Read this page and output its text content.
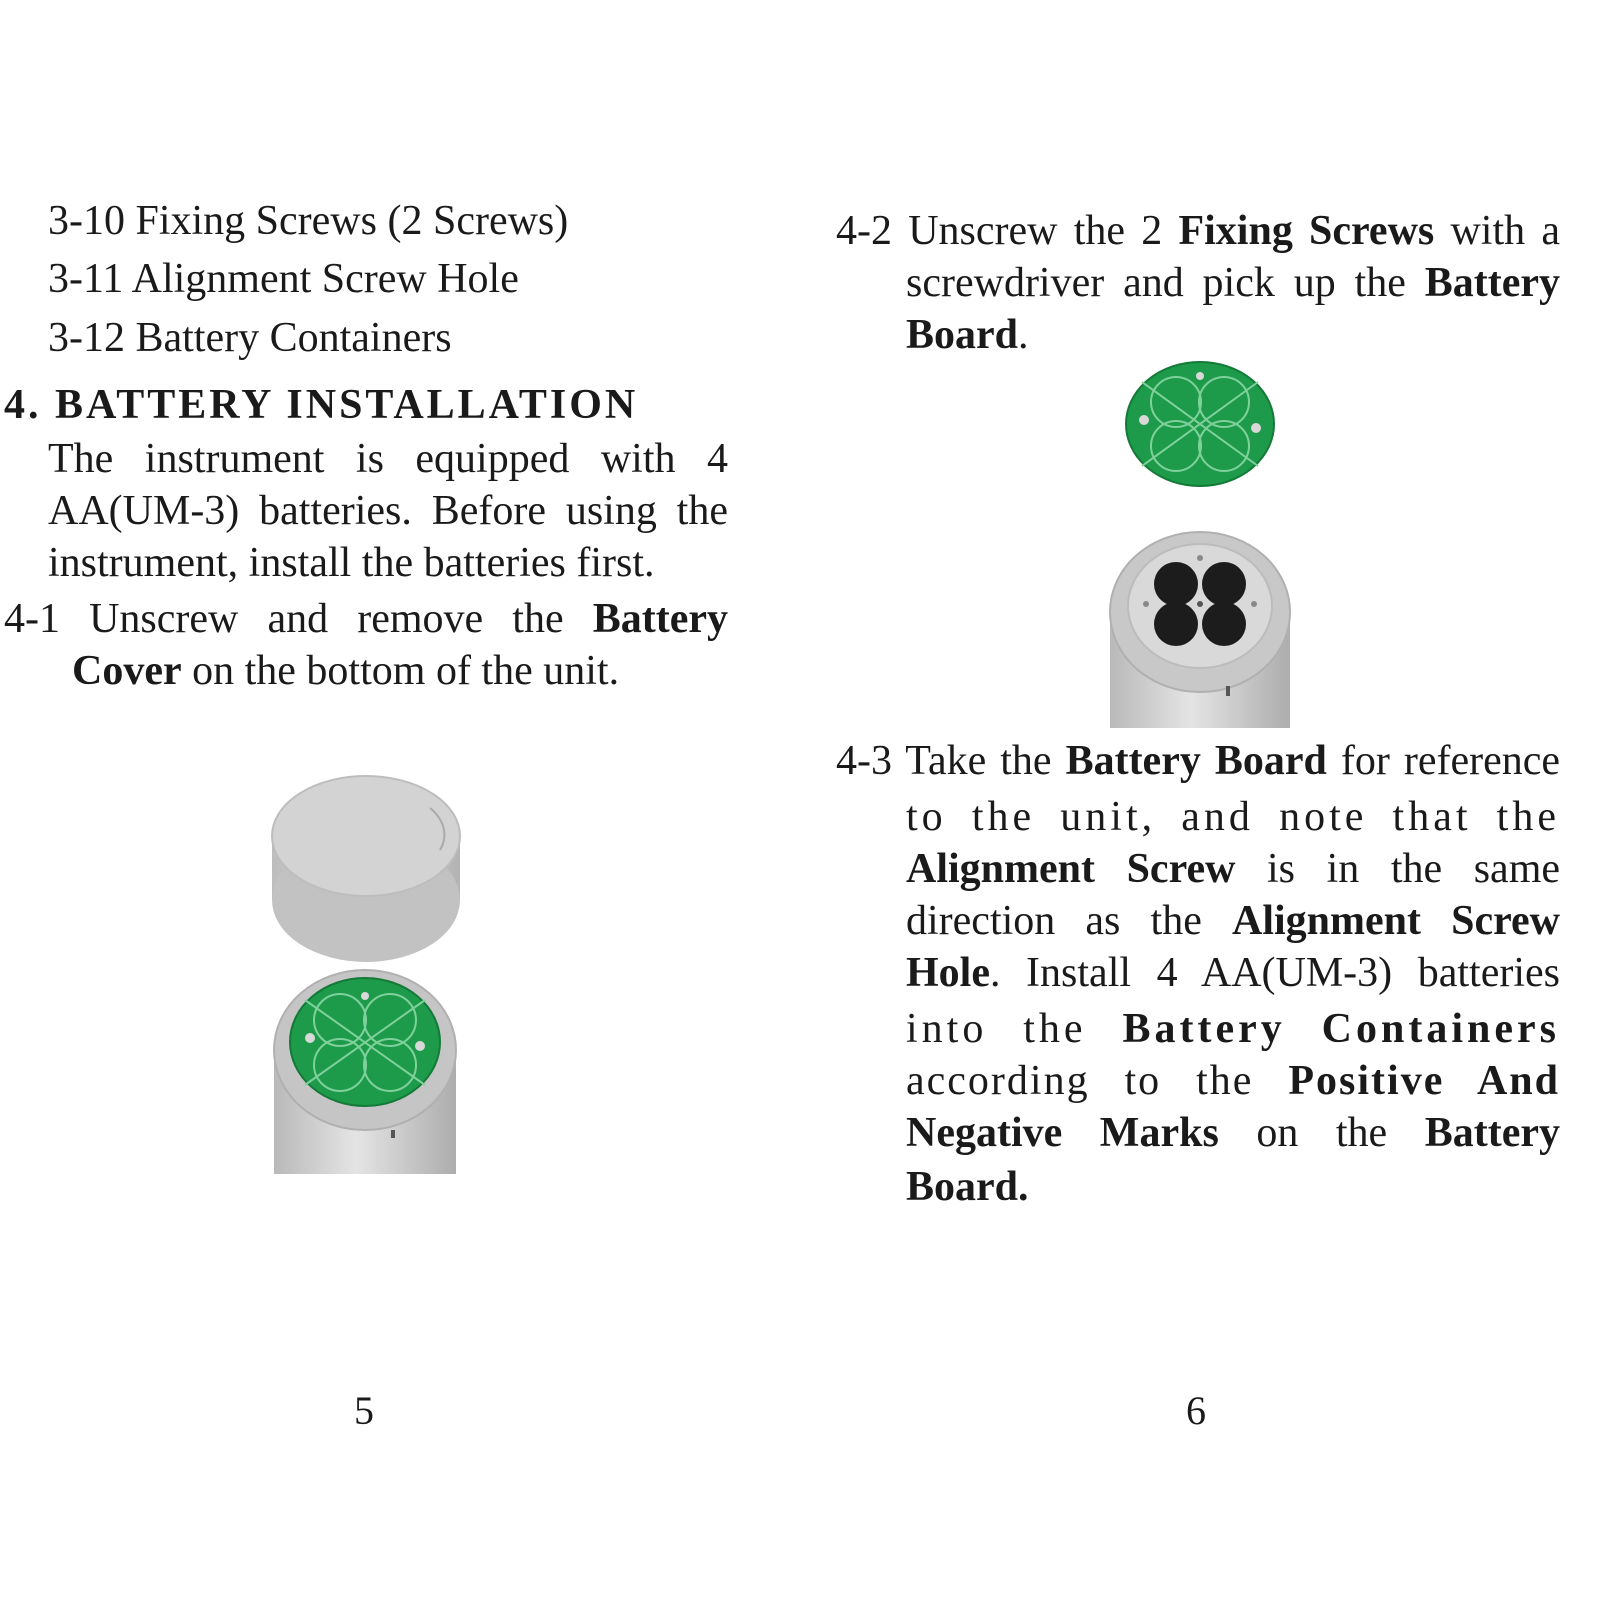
3-10 Fixing Screws (2 Screws)

3-11 Alignment Screw Hole

3-12 Battery Containers

4. BATTERY INSTALLATION

The instrument is equipped with 4

AA(UM-3) batteries. Before using the

instrument, install the batteries first.

4-1 Unscrew and remove the Battery

Cover on the bottom of the unit.

5

4-2 Unscrew the 2 Fixing Screws with a

screwdriver and pick up the Battery

Board.

4-3 Take the Battery Board for reference

to the unit, and note that the

Alignment Screw is in the same

direction as the Alignment Screw

Hole. Install 4 AA(UM-3) batteries

into the Battery Containers

according to the Positive And

Negative Marks on the Battery

Board.

6
